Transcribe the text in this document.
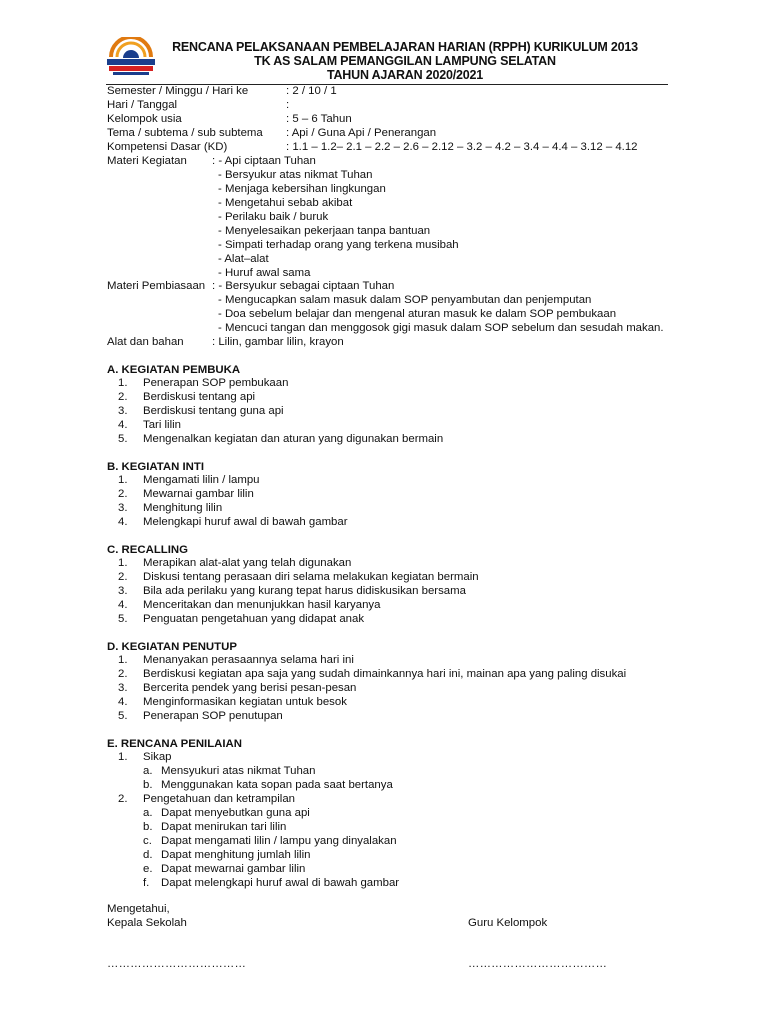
RENCANA PELAKSANAAN PEMBELAJARAN HARIAN (RPPH) KURIKULUM 2013
TK AS SALAM PEMANGGILAN LAMPUNG SELATAN
TAHUN AJARAN 2020/2021
Semester / Minggu / Hari ke	: 2 / 10 / 1
Hari / Tanggal	:
Kelompok usia	: 5 – 6 Tahun
Tema / subtema / sub subtema : Api / Guna Api / Penerangan
Kompetensi Dasar (KD)	: 1.1 – 1.2– 2.1 – 2.2 – 2.6 – 2.12 – 3.2 – 4.2 – 3.4 – 4.4 – 3.12 – 4.12
Materi Kegiatan : - Api ciptaan Tuhan
- Bersyukur atas nikmat Tuhan
- Menjaga kebersihan lingkungan
- Mengetahui sebab akibat
- Perilaku baik / buruk
- Menyelesaikan pekerjaan tanpa bantuan
- Simpati terhadap orang yang terkena musibah
- Alat–alat
- Huruf awal sama
Materi Pembiasaan : - Bersyukur sebagai ciptaan Tuhan
- Mengucapkan salam masuk dalam SOP penyambutan dan penjemputan
- Doa sebelum belajar dan mengenal aturan masuk ke dalam SOP pembukaan
- Mencuci tangan dan menggosok gigi masuk dalam SOP sebelum dan sesudah makan.
Alat dan bahan : Lilin, gambar lilin, krayon
A. KEGIATAN PEMBUKA
1. Penerapan SOP pembukaan
2. Berdiskusi tentang api
3. Berdiskusi tentang guna api
4. Tari lilin
5. Mengenalkan kegiatan dan aturan yang digunakan bermain
B. KEGIATAN INTI
1. Mengamati lilin / lampu
2. Mewarnai gambar lilin
3. Menghitung lilin
4. Melengkapi huruf awal di bawah gambar
C. RECALLING
1. Merapikan alat-alat yang telah digunakan
2. Diskusi tentang perasaan diri selama melakukan kegiatan bermain
3. Bila ada perilaku yang kurang tepat harus didiskusikan bersama
4. Menceritakan dan menunjukkan hasil karyanya
5. Penguatan pengetahuan yang didapat anak
D. KEGIATAN PENUTUP
1. Menanyakan perasaannya selama hari ini
2. Berdiskusi kegiatan apa saja yang sudah dimainkannya hari ini, mainan apa yang paling disukai
3. Bercerita pendek yang berisi pesan-pesan
4. Menginformasikan kegiatan untuk besok
5. Penerapan SOP penutupan
E. RENCANA PENILAIAN
1. Sikap
a. Mensyukuri atas nikmat Tuhan
b. Menggunakan kata sopan pada saat bertanya
2. Pengetahuan dan ketrampilan
a. Dapat menyebutkan guna api
b. Dapat menirukan tari lilin
c. Dapat mengamati lilin / lampu yang dinyalakan
d. Dapat menghitung jumlah lilin
e. Dapat mewarnai gambar lilin
f. Dapat melengkapi huruf awal di bawah gambar
Mengetahui,
Kepala Sekolah	Guru Kelompok
………………………………	………………………………
